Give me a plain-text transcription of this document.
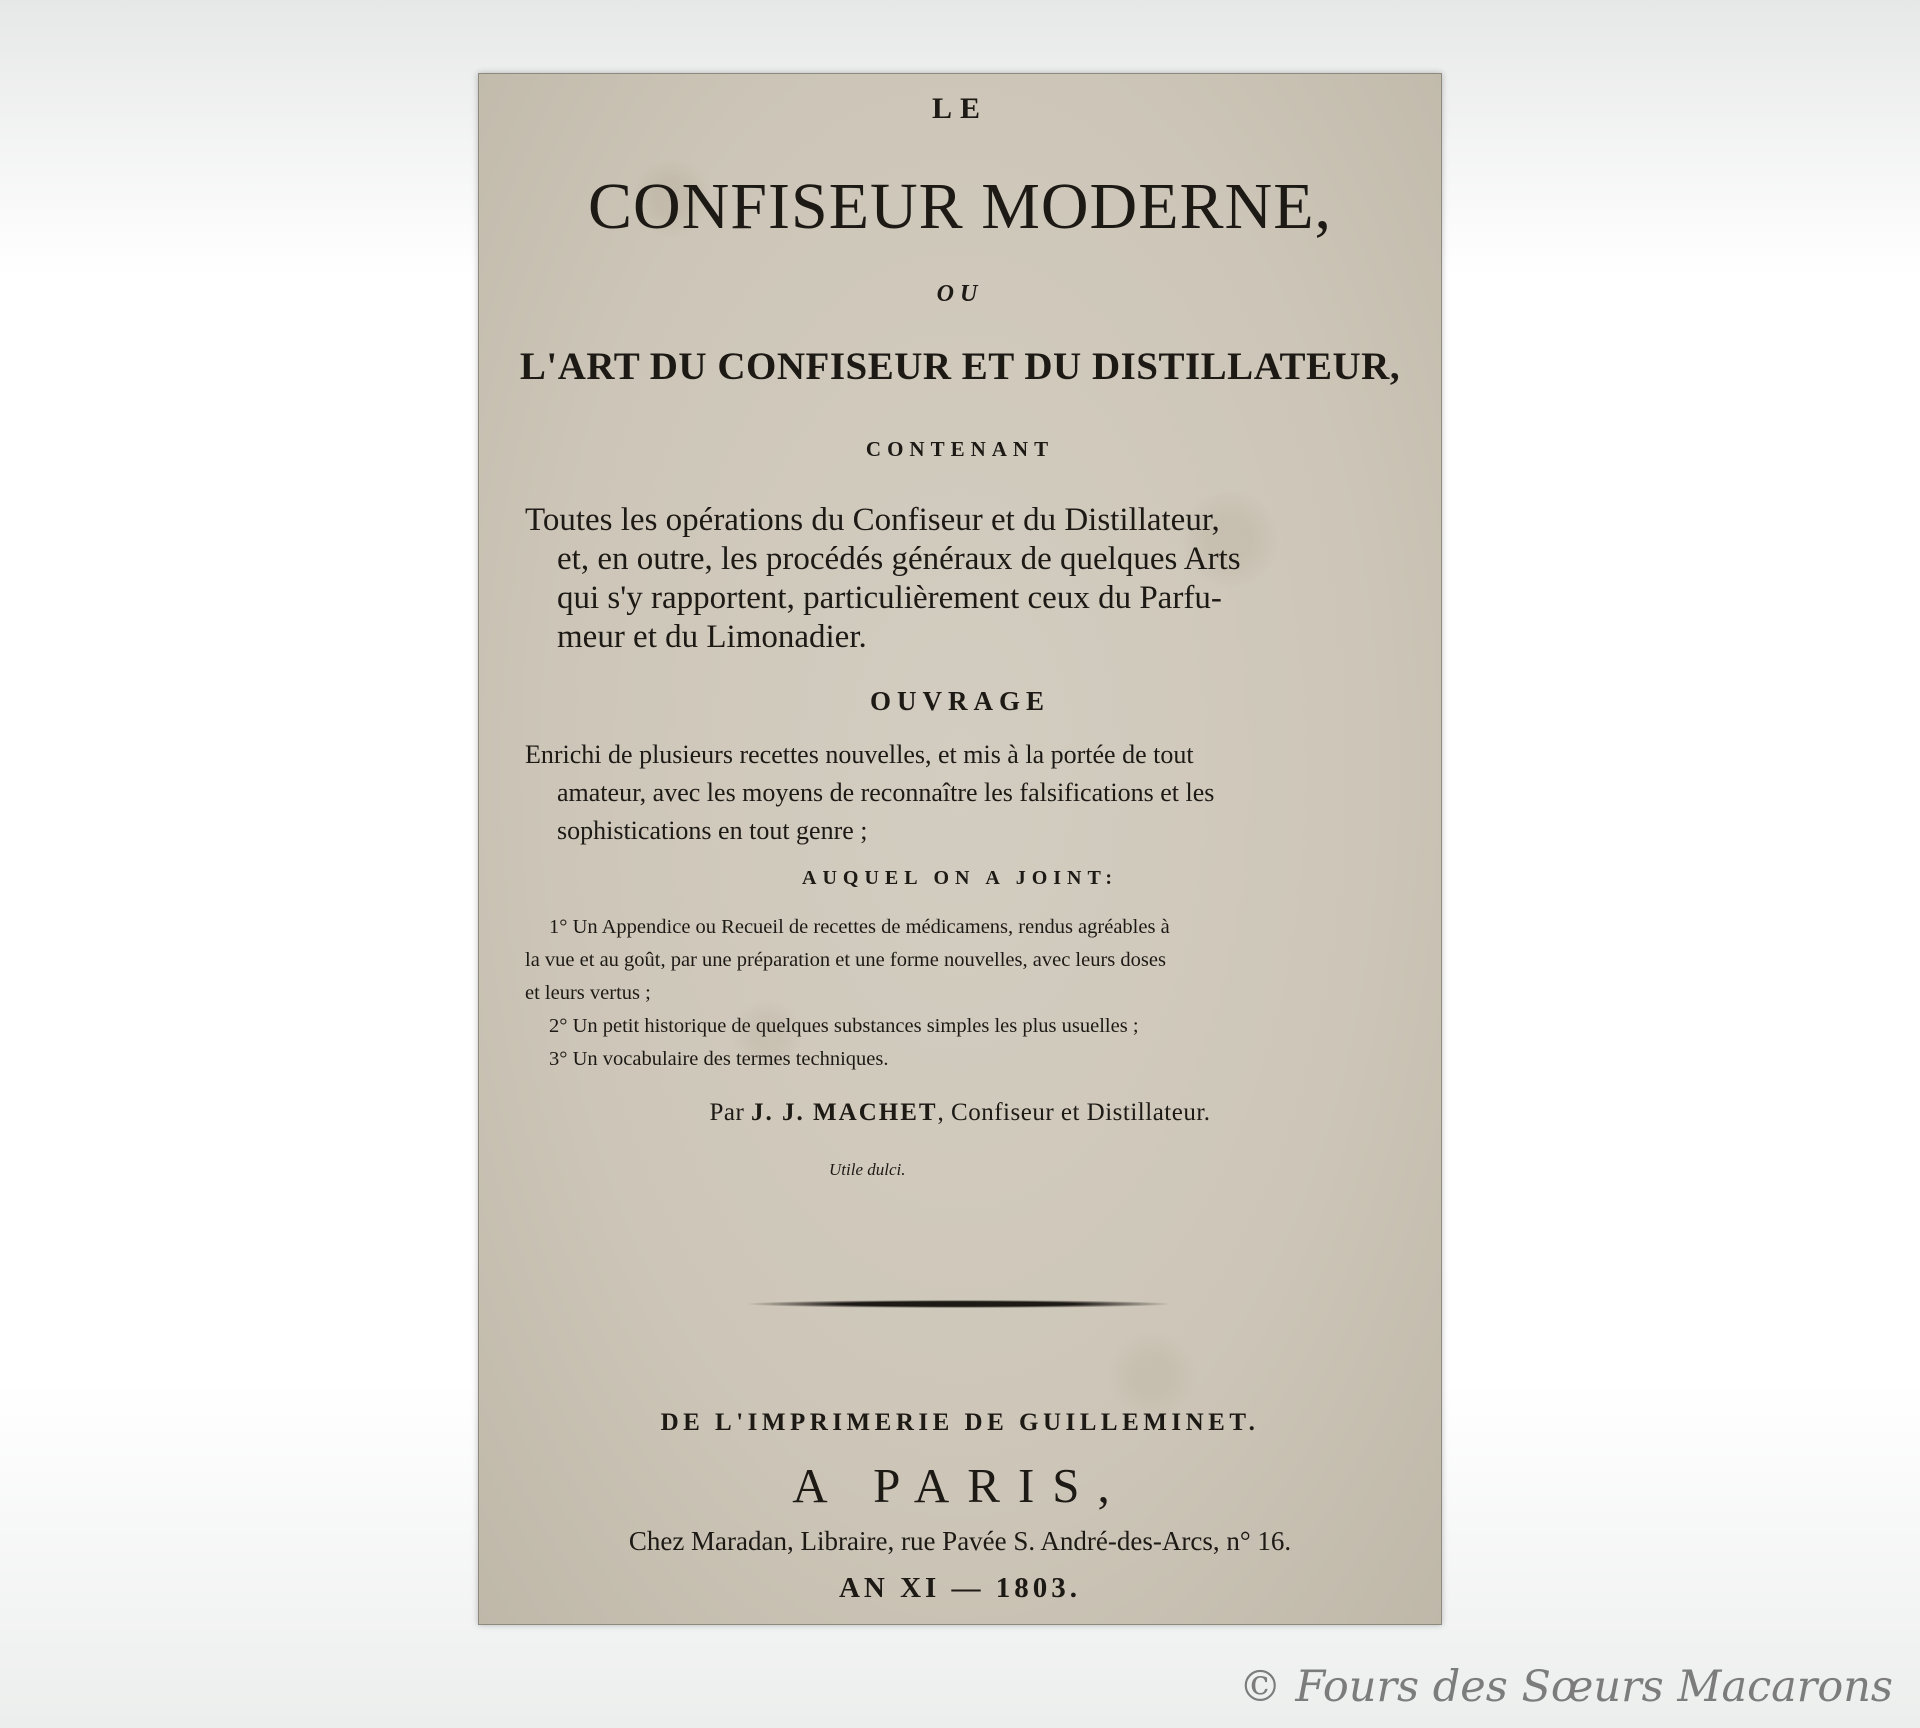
LE
CONFISEUR MODERNE,
OU
L'ART DU CONFISEUR ET DU DISTILLATEUR,
CONTENANT
Toutes les opérations du Confiseur et du Distillateur,
et, en outre, les procédés généraux de quelques Arts
qui s'y rapportent, particulièrement ceux du Parfu-
meur et du Limonadier.
OUVRAGE
Enrichi de plusieurs recettes nouvelles, et mis à la portée de tout
amateur, avec les moyens de reconnaître les falsifications et les
sophistications en tout genre ;
AUQUEL ON A JOINT:
1° Un Appendice ou Recueil de recettes de médicamens, rendus agréables à
la vue et au goût, par une préparation et une forme nouvelles, avec leurs doses
et leurs vertus ;
2° Un petit historique de quelques substances simples les plus usuelles ;
3° Un vocabulaire des termes techniques.
Par J. J. MACHET, Confiseur et Distillateur.
Utile dulci.
DE L'IMPRIMERIE DE GUILLEMINET.
A PARIS,
Chez Maradan, Libraire, rue Pavée S. André-des-Arcs, n° 16.
AN XI — 1803.
© Fours des Sœurs Macarons
